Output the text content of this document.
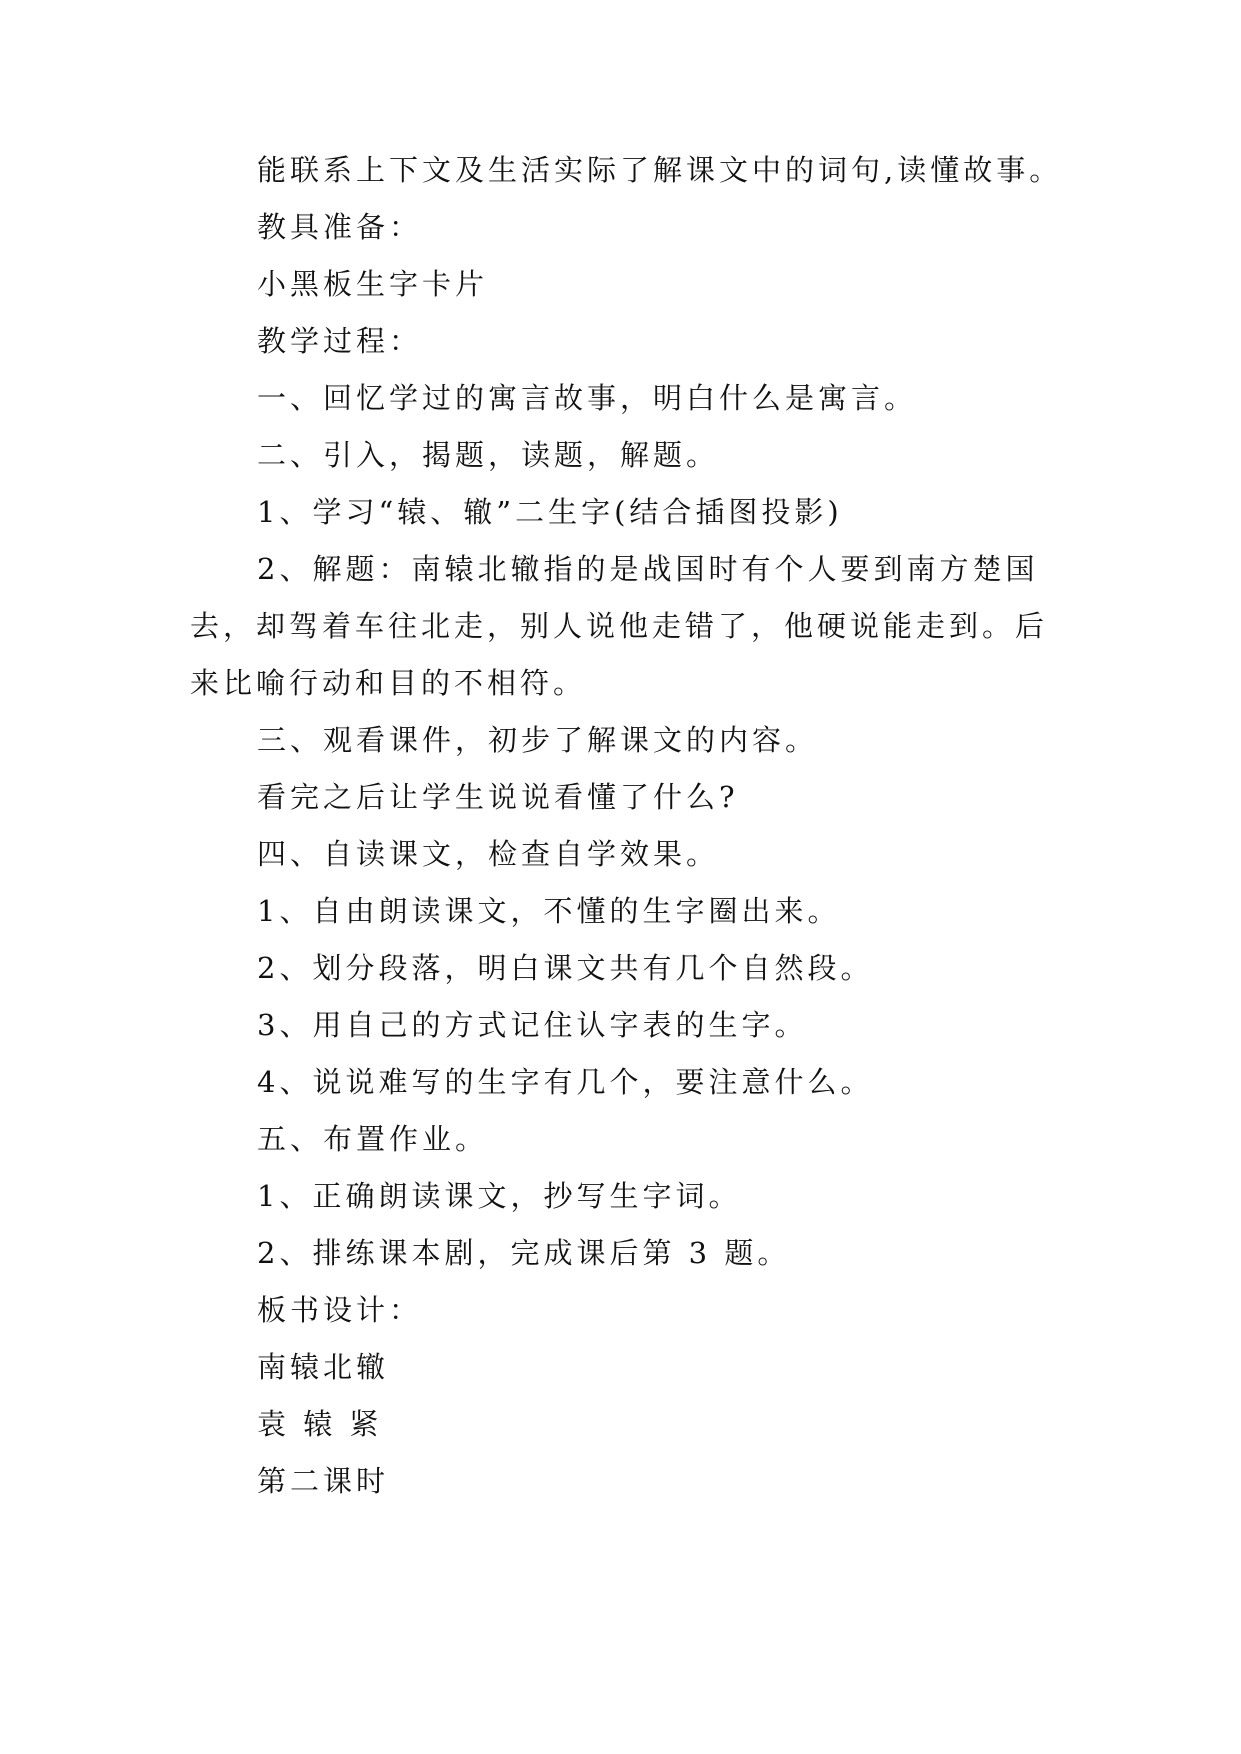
能联系上下文及生活实际了解课文中的词句,读懂故事。
教具准备：
小黑板生字卡片
教学过程：
一、回忆学过的寓言故事，明白什么是寓言。
二、引入，揭题，读题，解题。
1、学习“辕、辙”二生字(结合插图投影)
2、解题：南辕北辙指的是战国时有个人要到南方楚国
去，却驾着车往北走，别人说他走错了，他硬说能走到。后
来比喻行动和目的不相符。
三、观看课件，初步了解课文的内容。
看完之后让学生说说看懂了什么?
四、自读课文，检查自学效果。
1、自由朗读课文，不懂的生字圈出来。
2、划分段落，明白课文共有几个自然段。
3、用自己的方式记住认字表的生字。
4、说说难写的生字有几个，要注意什么。
五、布置作业。
1、正确朗读课文，抄写生字词。
2、排练课本剧，完成课后第 3 题。
板书设计：
南辕北辙
袁 辕 紧
第二课时
